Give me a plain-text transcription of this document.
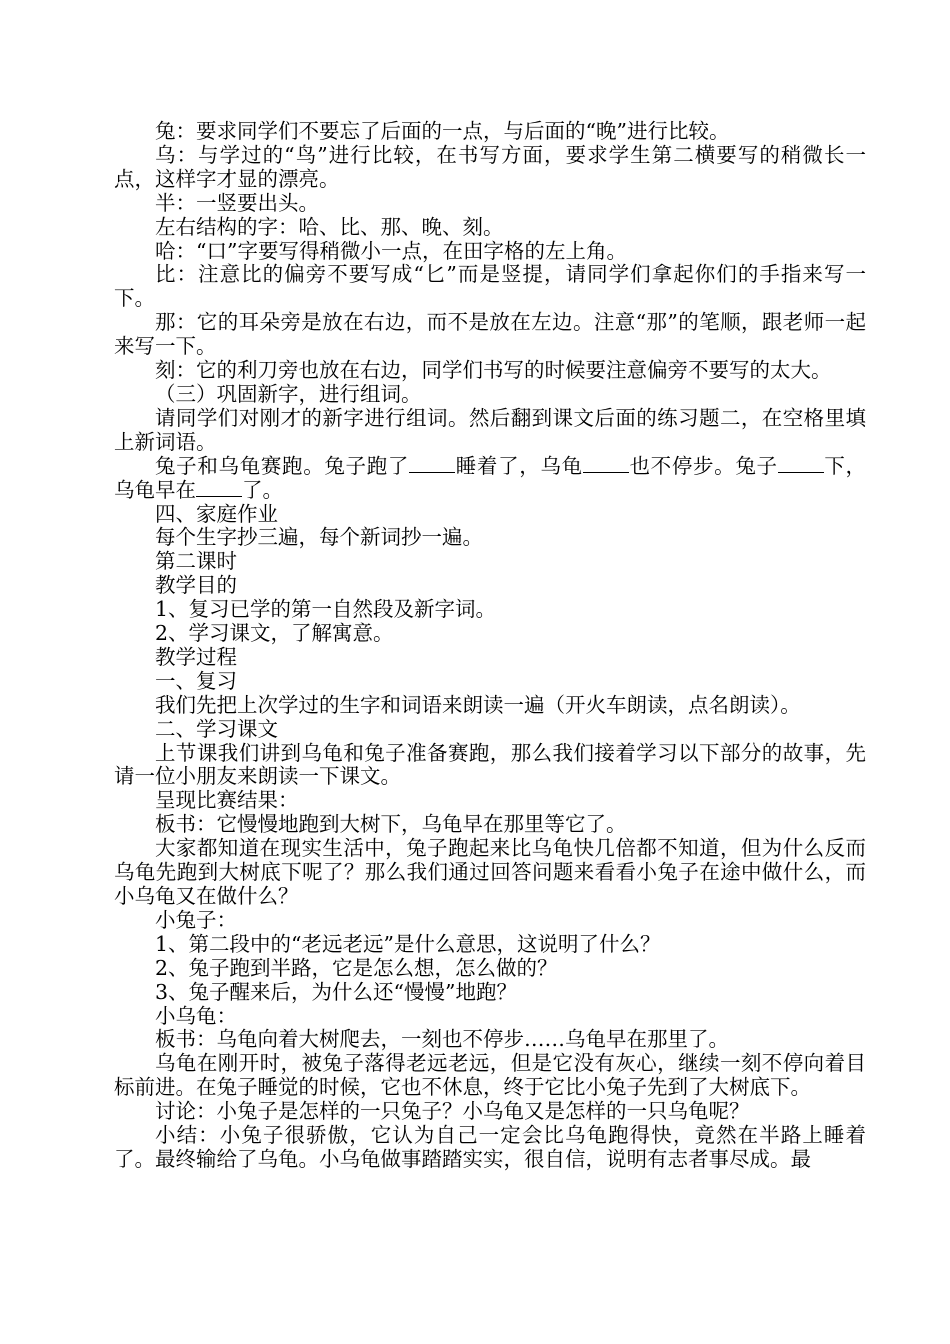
兔：要求同学们不要忘了后面的一点，与后面的“晚”进行比较。

乌：与学过的“鸟”进行比较，在书写方面，要求学生第二横要写的稍微长一点，这样字才显的漂亮。

半：一竖要出头。

左右结构的字：哈、比、那、晚、刻。

哈：“口”字要写得稍微小一点，在田字格的左上角。

比：注意比的偏旁不要写成“匕”而是竖提，请同学们拿起你们的手指来写一下。

那：它的耳朵旁是放在右边，而不是放在左边。注意“那”的笔顺，跟老师一起来写一下。

刻：它的利刀旁也放在右边，同学们书写的时候要注意偏旁不要写的太大。

（三）巩固新字，进行组词。

请同学们对刚才的新字进行组词。然后翻到课文后面的练习题二，在空格里填上新词语。

兔子和乌龟赛跑。兔子跑了 睡着了，乌龟 也不停步。兔子 下，乌龟早在 了。

四、家庭作业

每个生字抄三遍，每个新词抄一遍。

第二课时

教学目的

1、复习已学的第一自然段及新字词。

2、学习课文，了解寓意。

教学过程

一、复习

我们先把上次学过的生字和词语来朗读一遍（开火车朗读，点名朗读）。

二、学习课文

上节课我们讲到乌龟和兔子准备赛跑，那么我们接着学习以下部分的故事，先请一位小朋友来朗读一下课文。

呈现比赛结果：

板书：它慢慢地跑到大树下，乌龟早在那里等它了。

大家都知道在现实生活中，兔子跑起来比乌龟快几倍都不知道，但为什么反而乌龟先跑到大树底下呢了？那么我们通过回答问题来看看小兔子在途中做什么，而小乌龟又在做什么？

小兔子：

1、第二段中的“老远老远”是什么意思，这说明了什么？

2、兔子跑到半路，它是怎么想，怎么做的？

3、兔子醒来后，为什么还“慢慢”地跑？

小乌龟：

板书：乌龟向着大树爬去，一刻也不停步……乌龟早在那里了。

乌龟在刚开时，被兔子落得老远老远，但是它没有灰心，继续一刻不停向着目标前进。在兔子睡觉的时候，它也不休息，终于它比小兔子先到了大树底下。

讨论：小兔子是怎样的一只兔子？小乌龟又是怎样的一只乌龟呢？

小结：小兔子很骄傲，它认为自己一定会比乌龟跑得快，竟然在半路上睡着了。最终输给了乌龟。小乌龟做事踏踏实实，很自信，说明有志者事尽成。最
